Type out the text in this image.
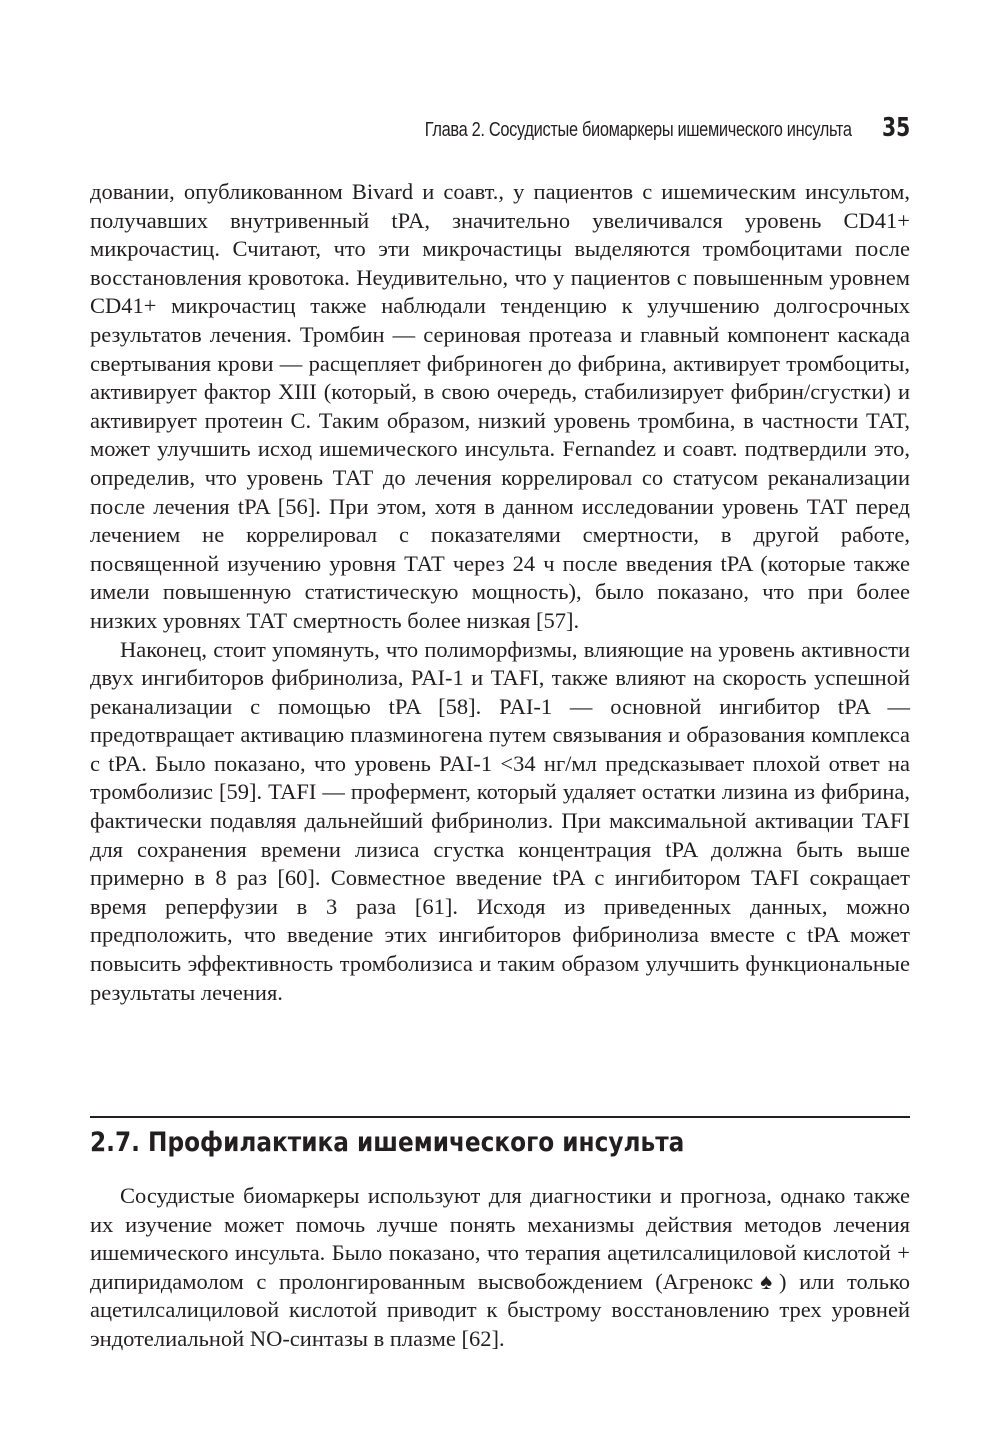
Глава 2. Сосудистые биомаркеры ишемического инсульта 35

довании, опубликованном Bivard и соавт., у пациентов с ишемическим инсультом, получавших внутривенный tPA, значительно увеличивался уровень CD41+ микрочастиц. Считают, что эти микрочастицы выделяются тромбоцитами после восстановления кровотока. Неудивительно, что у пациентов с повышенным уровнем CD41+ микрочастиц также наблюдали тенденцию к улучшению долгосрочных результатов лечения. Тромбин — сериновая протеаза и главный компонент каскада свертывания крови — расщепляет фибриноген до фибрина, активирует тромбоциты, активирует фактор XIII (который, в свою очередь, стабилизирует фибрин/сгустки) и активирует протеин С. Таким образом, низкий уровень тромбина, в частности ТАТ, может улучшить исход ишемического инсульта. Fernandez и соавт. подтвердили это, определив, что уровень ТАТ до лечения коррелировал со статусом реканализации после лечения tPA [56]. При этом, хотя в данном исследовании уровень ТАТ перед лечением не коррелировал с показателями смертности, в другой работе, посвященной изучению уровня ТАТ через 24 ч после введения tPA (которые также имели повышенную статистическую мощность), было показано, что при более низких уровнях ТАТ смертность более низкая [57].

Наконец, стоит упомянуть, что полиморфизмы, влияющие на уровень активности двух ингибиторов фибринолиза, PAI-1 и TAFI, также влияют на скорость успешной реканализации с помощью tPA [58]. PAI-1 — основной ингибитор tPA — предотвращает активацию плазминогена путем связывания и образования комплекса с tPA. Было показано, что уровень PAI-1 <34 нг/мл предсказывает плохой ответ на тромболизис [59]. TAFI — профермент, который удаляет остатки лизина из фибрина, фактически подавляя дальнейший фибринолиз. При максимальной активации TAFI для сохранения времени лизиса сгустка концентрация tPA должна быть выше примерно в 8 раз [60]. Совместное введение tPA с ингибитором TAFI сокращает время реперфузии в 3 раза [61]. Исходя из приведенных данных, можно предположить, что введение этих ингибиторов фибринолиза вместе с tPA может повысить эффективность тромболизиса и таким образом улучшить функциональные результаты лечения.

2.7. Профилактика ишемического инсульта

Сосудистые биомаркеры используют для диагностики и прогноза, однако также их изучение может помочь лучше понять механизмы действия методов лечения ишемического инсульта. Было показано, что терапия ацетилсалициловой кислотой + дипиридамолом с пролонгированным высвобождением (Агренокс♠) или только ацетилсалициловой кислотой приводит к быстрому восстановлению трех уровней эндотелиальной NO-синтазы в плазме [62].
